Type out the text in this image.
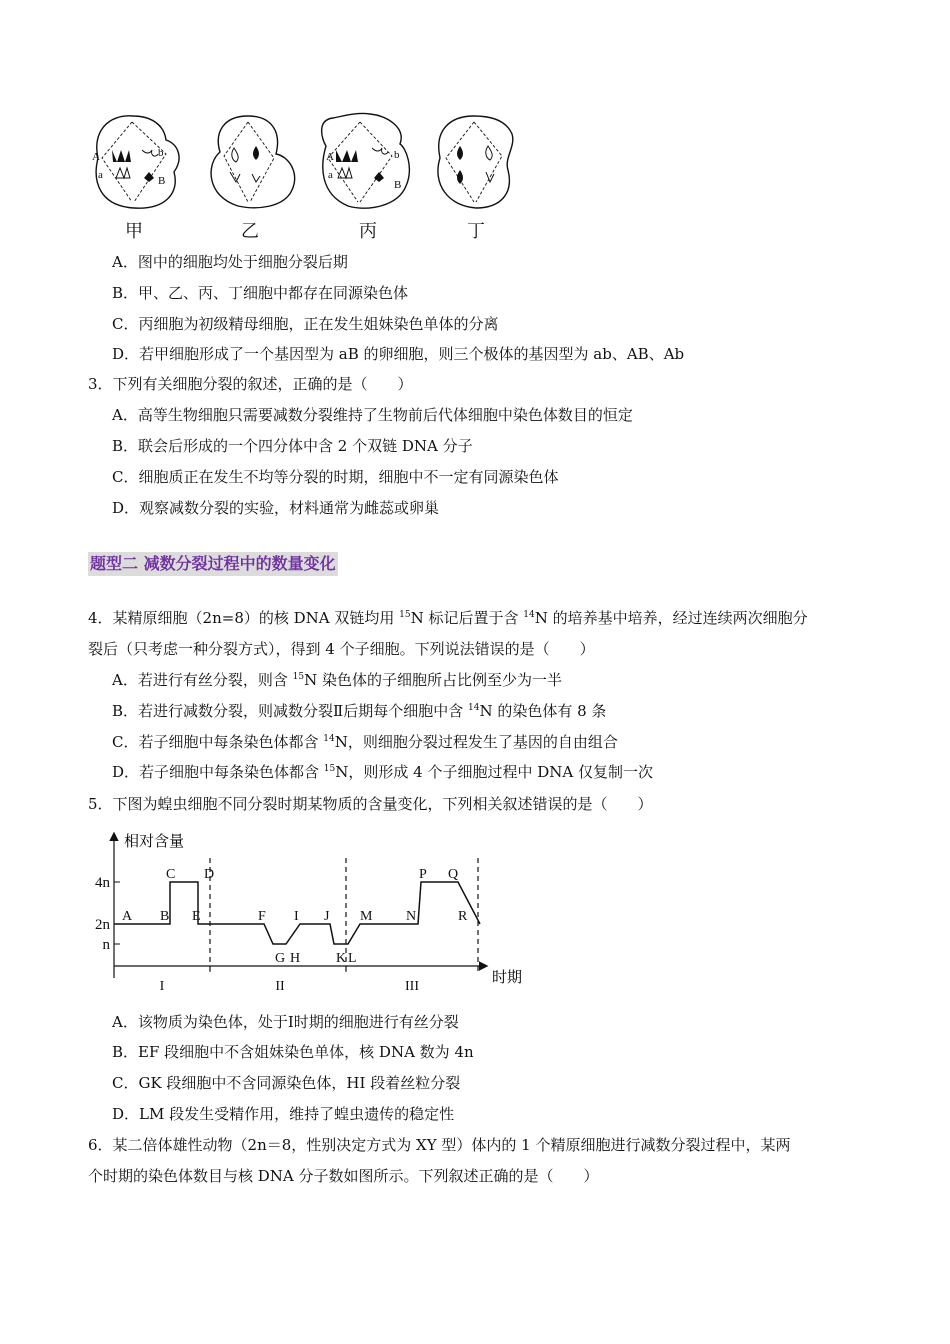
A
a
b
B
A
a
b
B
甲	乙	丙	丁
A．图中的细胞均处于细胞分裂后期
B．甲、乙、丙、丁细胞中都存在同源染色体
C．丙细胞为初级精母细胞，正在发生姐妹染色单体的分离
D．若甲细胞形成了一个基因型为 aB 的卵细胞，则三个极体的基因型为 ab、AB、Ab
3．下列有关细胞分裂的叙述，正确的是（　　）
A．高等生物细胞只需要减数分裂维持了生物前后代体细胞中染色体数目的恒定
B．联会后形成的一个四分体中含 2 个双链 DNA 分子
C．细胞质正在发生不均等分裂的时期，细胞中不一定有同源染色体
D．观察减数分裂的实验，材料通常为雌蕊或卵巢
题型二 减数分裂过程中的数量变化
4．某精原细胞（2n=8）的核 DNA 双链均用 $^{15}$N 标记后置于含 $^{14}$N 的培养基中培养，经过连续两次细胞分
裂后（只考虑一种分裂方式），得到 4 个子细胞。下列说法错误的是（　　）
A．若进行有丝分裂，则含 $^{15}$N 染色体的子细胞所占比例至少为一半
B．若进行减数分裂，则减数分裂Ⅱ后期每个细胞中含 $^{14}$N 的染色体有 8 条
C．若子细胞中每条染色体都含 $^{14}$N，则细胞分裂过程发生了基因的自由组合
D．若子细胞中每条染色体都含 $^{15}$N，则形成 4 个子细胞过程中 DNA 仅复制一次
5．下图为蝗虫细胞不同分裂时期某物质的含量变化，下列相关叙述错误的是（　　）
相对含量
时期
4n
2n
n
A B
C D
E	F
G H
I J
K L
M N
P Q
R
I	II	III
A．该物质为染色体，处于Ⅰ时期的细胞进行有丝分裂
B．EF 段细胞中不含姐妹染色单体，核 DNA 数为 4n
C．GK 段细胞中不含同源染色体，HI 段着丝粒分裂
D．LM 段发生受精作用，维持了蝗虫遗传的稳定性
6．某二倍体雄性动物（2n＝8，性别决定方式为 XY 型）体内的 1 个精原细胞进行减数分裂过程中，某两
个时期的染色体数目与核 DNA 分子数如图所示。下列叙述正确的是（　　）
